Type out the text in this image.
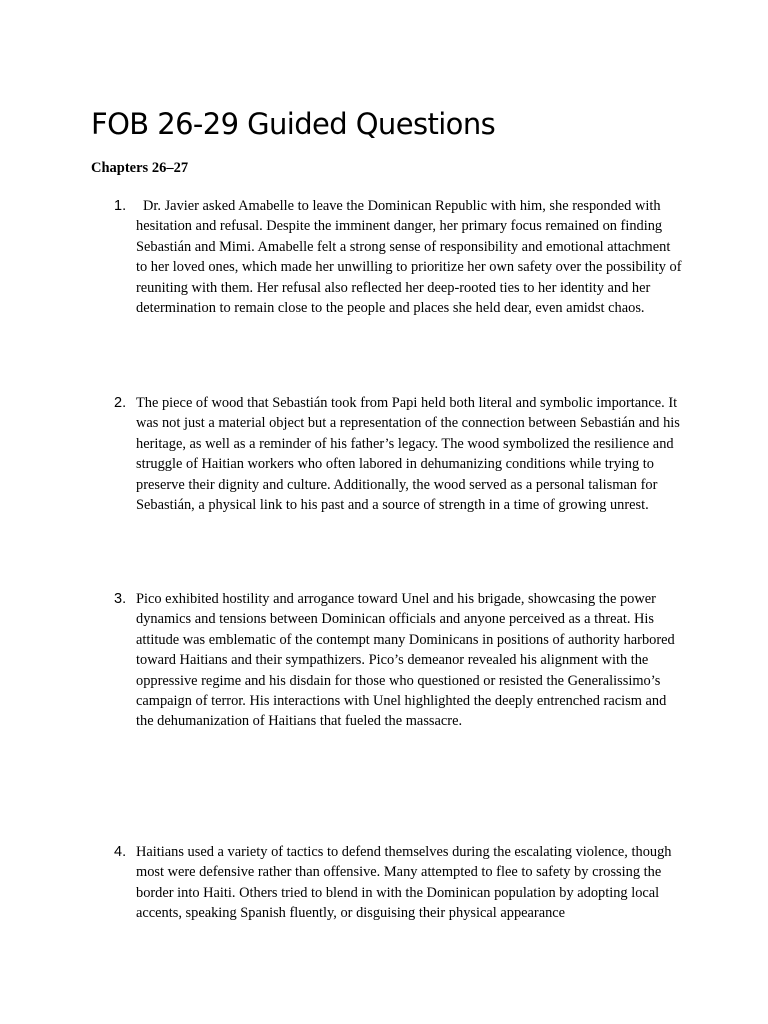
FOB 26-29 Guided Questions
Chapters 26–27
1.	Dr. Javier asked Amabelle to leave the Dominican Republic with him, she responded with hesitation and refusal. Despite the imminent danger, her primary focus remained on finding Sebastián and Mimi. Amabelle felt a strong sense of responsibility and emotional attachment to her loved ones, which made her unwilling to prioritize her own safety over the possibility of reuniting with them. Her refusal also reflected her deep-rooted ties to her identity and her determination to remain close to the people and places she held dear, even amidst chaos.

2. The piece of wood that Sebastián took from Papi held both literal and symbolic importance. It was not just a material object but a representation of the connection between Sebastián and his heritage, as well as a reminder of his father’s legacy. The wood symbolized the resilience and struggle of Haitian workers who often labored in dehumanizing conditions while trying to preserve their dignity and culture. Additionally, the wood served as a personal talisman for Sebastián, a physical link to his past and a source of strength in a time of growing unrest.

3. Pico exhibited hostility and arrogance toward Unel and his brigade, showcasing the power dynamics and tensions between Dominican officials and anyone perceived as a threat. His attitude was emblematic of the contempt many Dominicans in positions of authority harbored toward Haitians and their sympathizers. Pico’s demeanor revealed his alignment with the oppressive regime and his disdain for those who questioned or resisted the Generalissimo’s campaign of terror. His interactions with Unel highlighted the deeply entrenched racism and the dehumanization of Haitians that fueled the massacre.

4. Haitians used a variety of tactics to defend themselves during the escalating violence, though most were defensive rather than offensive. Many attempted to flee to safety by crossing the border into Haiti. Others tried to blend in with the Dominican population by adopting local accents, speaking Spanish fluently, or disguising their physical appearance
